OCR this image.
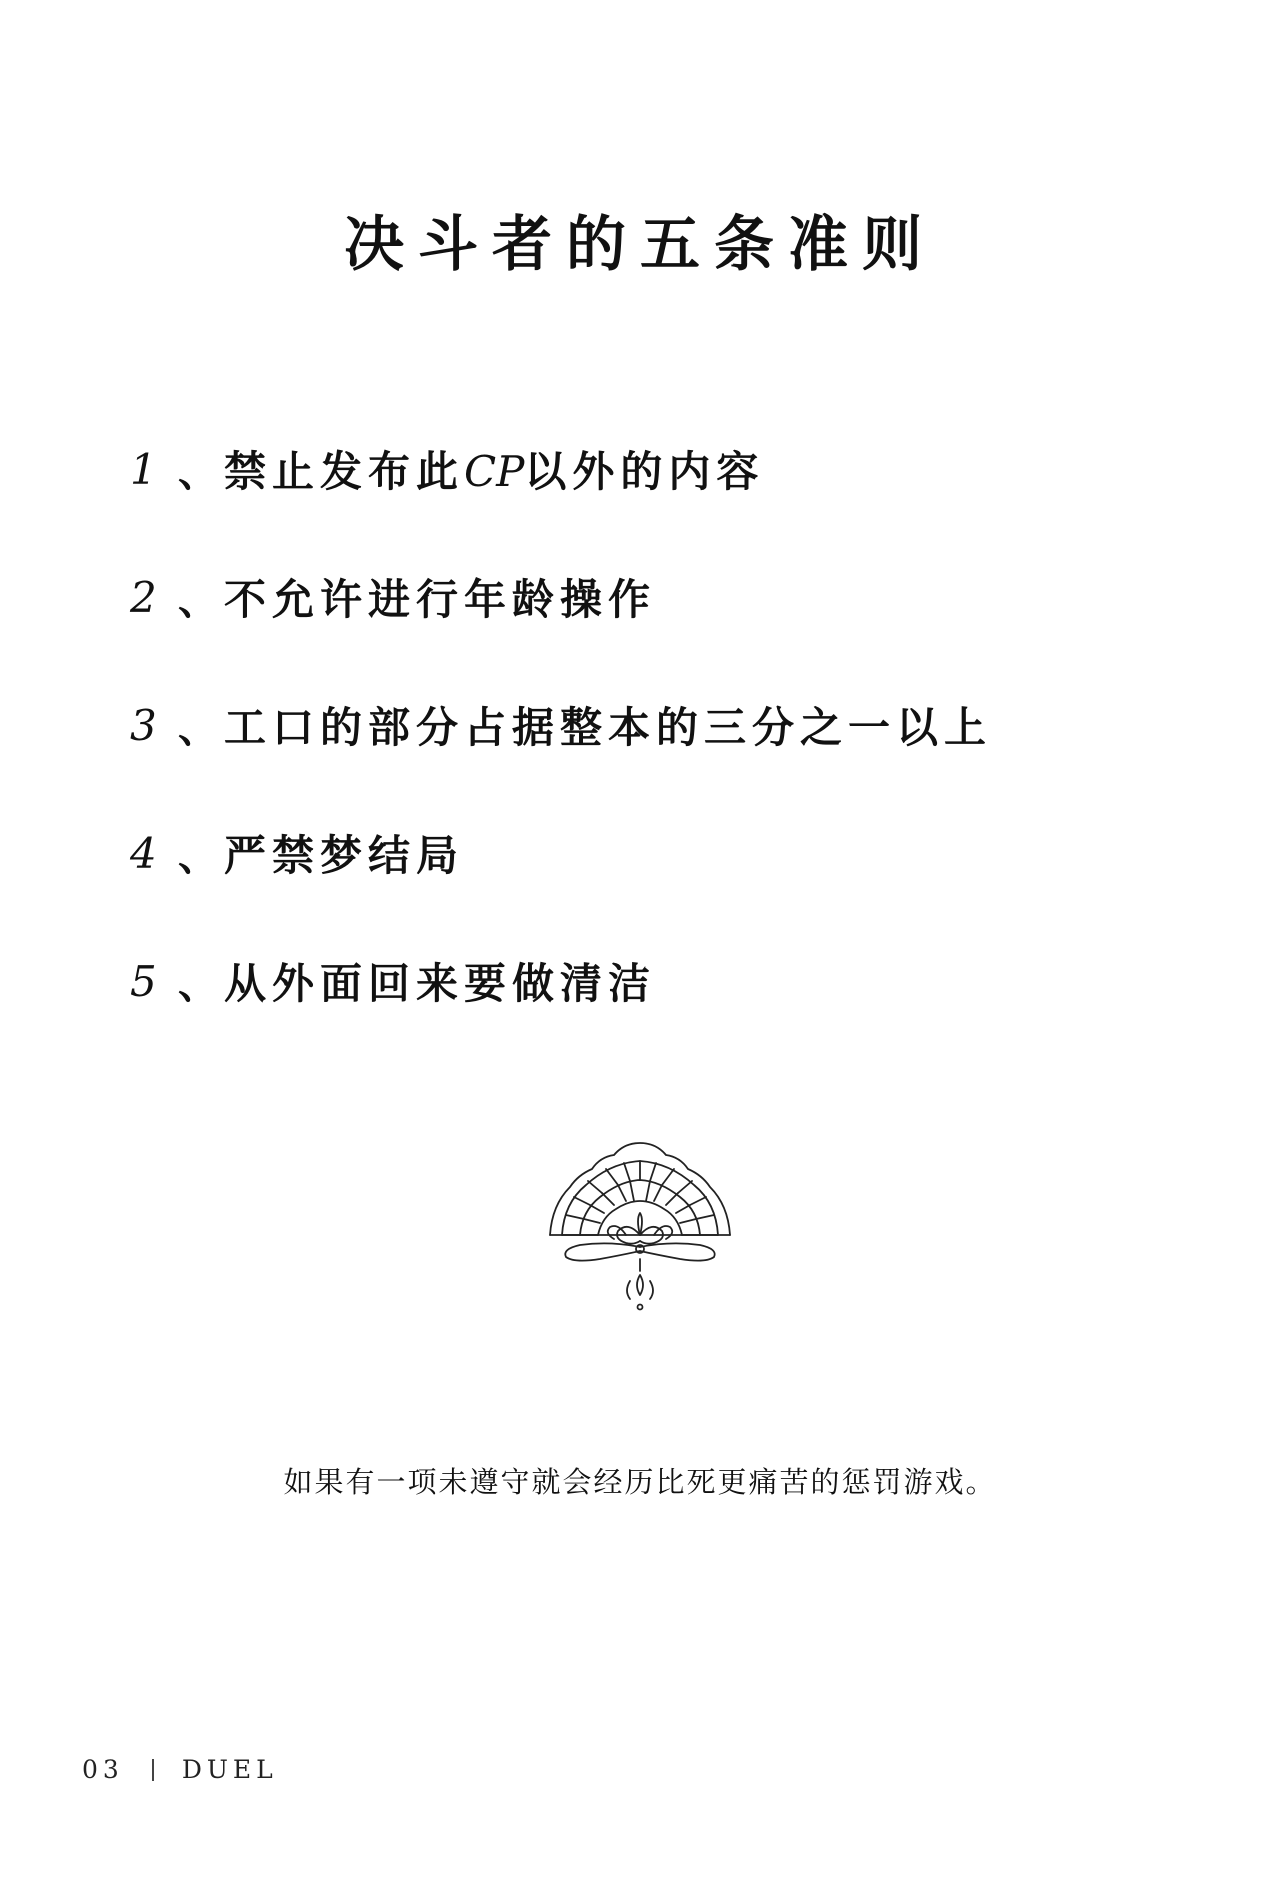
决斗者的五条准则
1 、 禁止发布此CP以外的内容
2 、 不允许进行年龄操作
3 、 工口的部分占据整本的三分之一以上
4 、 严禁梦结局
5 、 从外面回来要做清洁
如果有一项未遵守就会经历比死更痛苦的惩罚游戏。
03 DUEL
